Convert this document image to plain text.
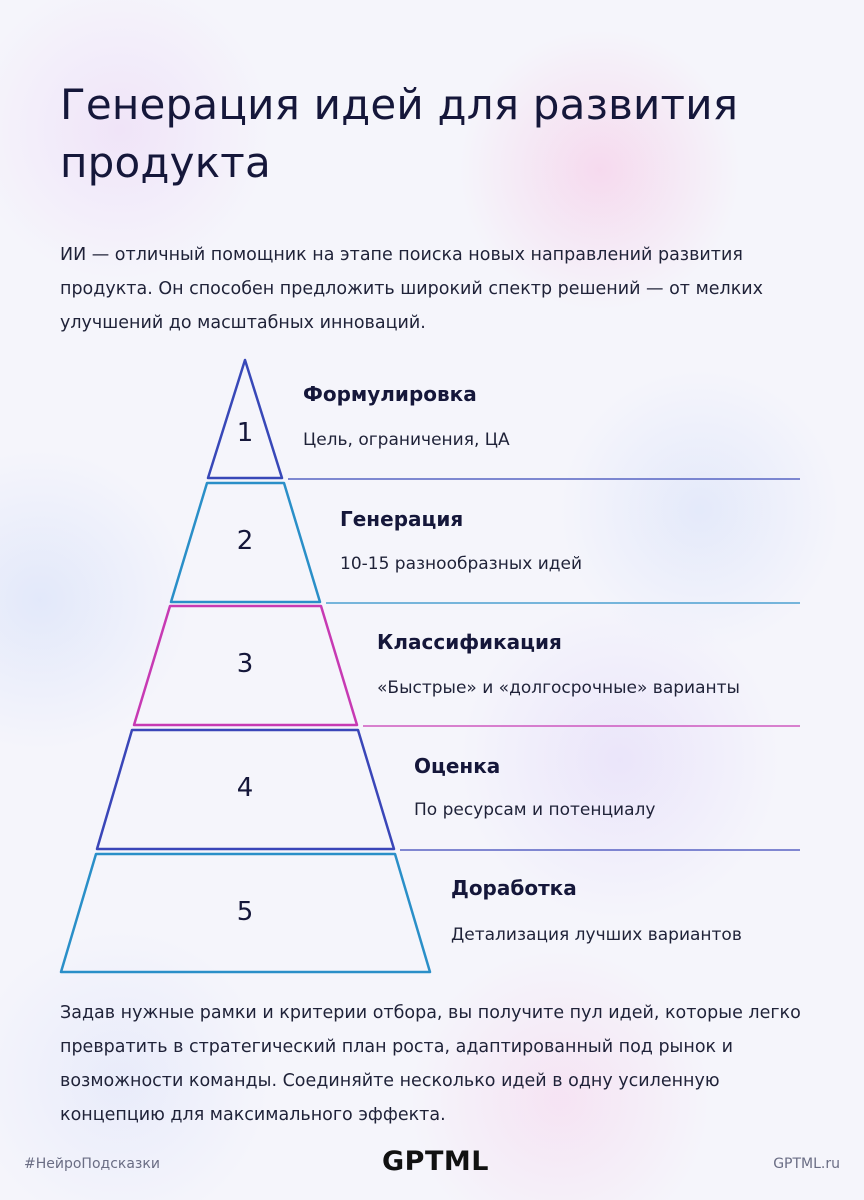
Генерация идей для развития продукта

ИИ — отличный помощник на этапе поиска новых направлений развития продукта. Он способен предложить широкий спектр решений — от мелких улучшений до масштабных инноваций.

1
2
3
4
5
Формулировка
Цель, ограничения, ЦА
Генерация
10-15 разнообразных идей
Классификация
«Быстрые» и «долгосрочные» варианты
Оценка
По ресурсам и потенциалу
Доработка
Детализация лучших вариантов

Задав нужные рамки и критерии отбора, вы получите пул идей, которые легко превратить в стратегический план роста, адаптированный под рынок и возможности команды. Соединяйте несколько идей в одну усиленную концепцию для максимального эффекта.

#НейроПодсказки	GPTML	GPTML.ru
